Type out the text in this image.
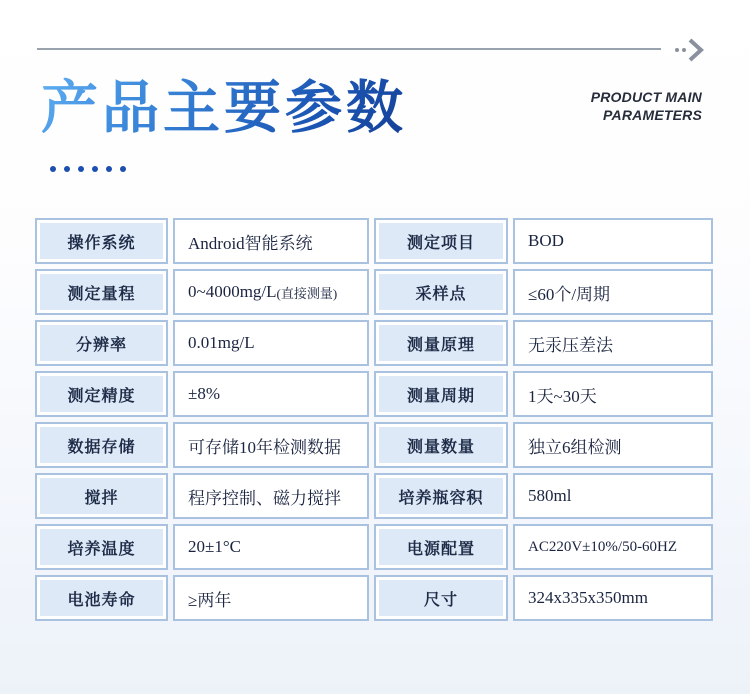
产品主要参数	PRODUCT MAIN
PARAMETERS
操作系统	Android智能系统	测定项目	BOD
测定量程	0~4000mg/L (直接测量)	采样点	≤60个/周期
分辨率	0.01mg/L	测量原理	无汞压差法
测定精度	±8%	测量周期	1天~30天
数据存储	可存储10年检测数据	测量数量	独立6组检测
搅拌	程序控制、磁力搅拌	培养瓶容积	580ml
培养温度	20±1°C	电源配置	AC220V±10%/50-60HZ
电池寿命	≥两年	尺寸	324x335x350mm
